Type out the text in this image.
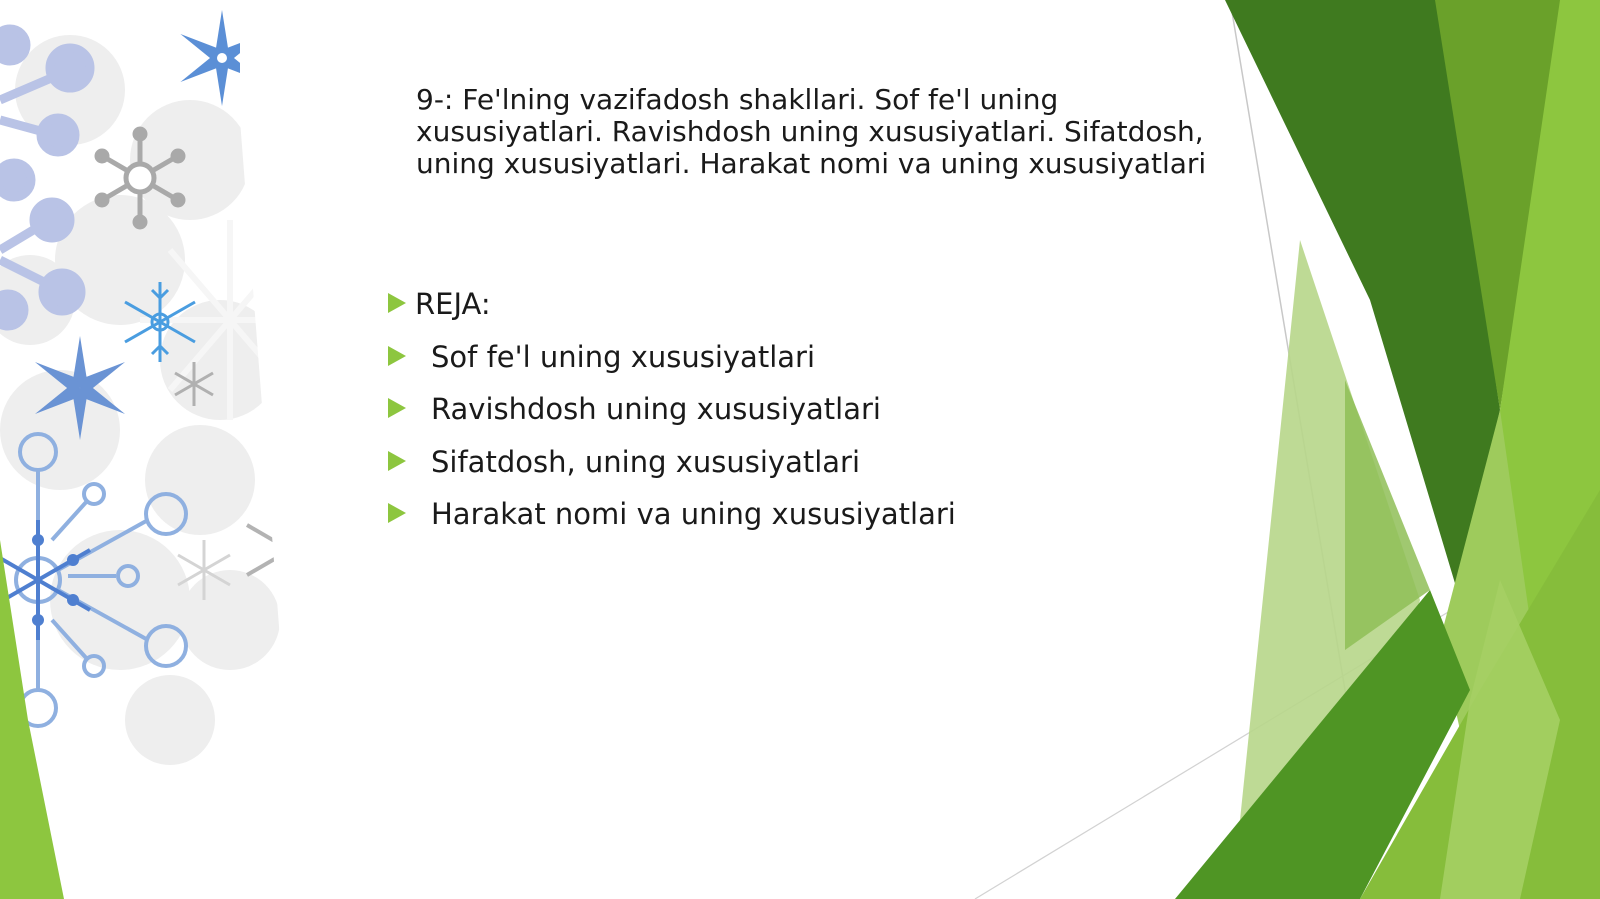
9-: Fe'lning vazifadosh shakllari. Sof fe'l uning xususiyatlari. Ravishdosh uning xususiyatlari. Sifatdosh, uning xususiyatlari. Harakat nomi va uning xususiyatlari
REJA:
Sof fe'l uning xususiyatlari
Ravishdosh uning xususiyatlari
Sifatdosh, uning xususiyatlari
Harakat nomi va uning xususiyatlari
